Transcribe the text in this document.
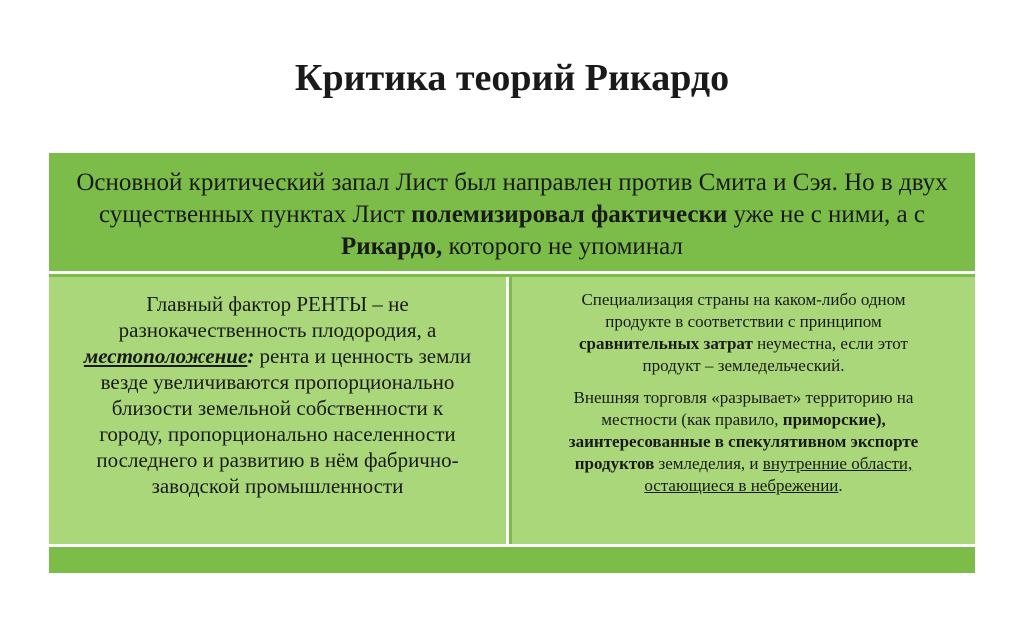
Критика теорий Рикардо
Основной критический запал Лист был направлен против Смита и Сэя. Но в двух существенных пунктах Лист полемизировал фактически уже не с ними, а с Рикардо, которого не упоминал
Главный фактор РЕНТЫ – не разнокачественность плодородия, а местоположение: рента и ценность земли везде увеличиваются пропорционально близости земельной собственности к городу, пропорционально населенности последнего и развитию в нём фабрично-заводской промышленности

Специализация страны на каком-либо одном продукте в соответствии с принципом сравнительных затрат неуместна, если этот продукт – земледельческий.

Внешняя торговля «разрывает» территорию на местности (как правило, приморские), заинтересованные в спекулятивном экспорте продуктов земледелия, и внутренние области, остающиеся в небрежении.
